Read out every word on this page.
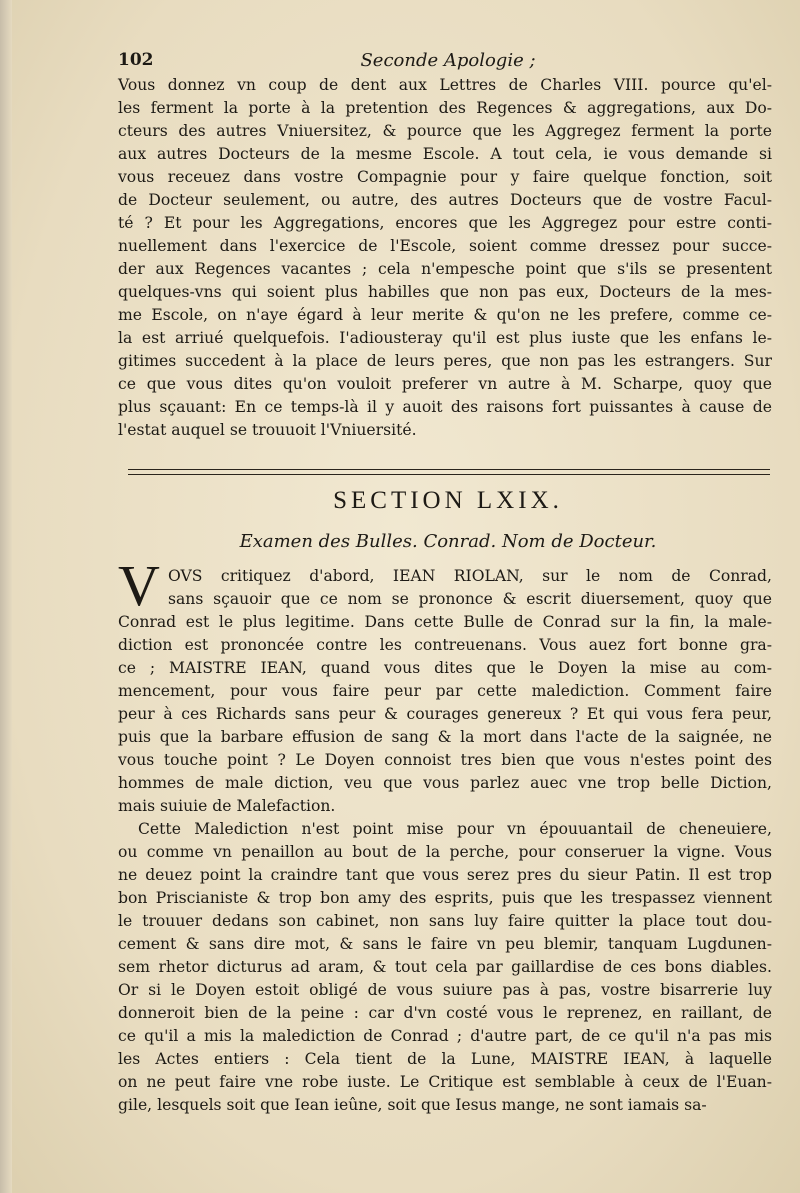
102	Seconde Apologie ;
Vous donnez vn coup de dent aux Lettres de Charles VIII. pource qu'el-
les ferment la porte à la pretention des Regences & aggregations, aux Do-
cteurs des autres Vniuersitez, & pource que les Aggregez ferment la porte
aux autres Docteurs de la mesme Escole. A tout cela, ie vous demande si
vous receuez dans vostre Compagnie pour y faire quelque fonction, soit
de Docteur seulement, ou autre, des autres Docteurs que de vostre Facul-
té ? Et pour les Aggregations, encores que les Aggregez pour estre conti-
nuellement dans l'exercice de l'Escole, soient comme dressez pour succe-
der aux Regences vacantes ; cela n'empesche point que s'ils se presentent
quelques-vns qui soient plus habilles que non pas eux, Docteurs de la mes-
me Escole, on n'aye égard à leur merite & qu'on ne les prefere, comme ce-
la est arriué quelquefois. I'adiousteray qu'il est plus iuste que les enfans le-
gitimes succedent à la place de leurs peres, que non pas les estrangers. Sur
ce que vous dites qu'on vouloit preferer vn autre à M. Scharpe, quoy que
plus sçauant: En ce temps-là il y auoit des raisons fort puissantes à cause de
l'estat auquel se trouuoit l'Vniuersité.
SECTION LXIX.
Examen des Bulles. Conrad. Nom de Docteur.
V OVS critiquez d'abord, IEAN RIOLAN, sur le nom de Conrad,
sans sçauoir que ce nom se prononce & escrit diuersement, quoy que
Conrad est le plus legitime. Dans cette Bulle de Conrad sur la fin, la male-
diction est prononcée contre les contreuenans. Vous auez fort bonne gra-
ce ; MAISTRE IEAN, quand vous dites que le Doyen la mise au com-
mencement, pour vous faire peur par cette malediction. Comment faire
peur à ces Richards sans peur & courages genereux ? Et qui vous fera peur,
puis que la barbare effusion de sang & la mort dans l'acte de la saignée, ne
vous touche point ? Le Doyen connoist tres bien que vous n'estes point des
hommes de male diction, veu que vous parlez auec vne trop belle Diction,
mais suiuie de Malefaction.
Cette Malediction n'est point mise pour vn épouuantail de cheneuiere,
ou comme vn penaillon au bout de la perche, pour conseruer la vigne. Vous
ne deuez point la craindre tant que vous serez pres du sieur Patin. Il est trop
bon Priscianiste & trop bon amy des esprits, puis que les trespassez viennent
le trouuer dedans son cabinet, non sans luy faire quitter la place tout dou-
cement & sans dire mot, & sans le faire vn peu blemir, tanquam Lugdunen-
sem rhetor dicturus ad aram, & tout cela par gaillardise de ces bons diables.
Or si le Doyen estoit obligé de vous suiure pas à pas, vostre bisarrerie luy
donneroit bien de la peine : car d'vn costé vous le reprenez, en raillant, de
ce qu'il a mis la malediction de Conrad ; d'autre part, de ce qu'il n'a pas mis
les Actes entiers : Cela tient de la Lune, MAISTRE IEAN, à laquelle
on ne peut faire vne robe iuste. Le Critique est semblable à ceux de l'Euan-
gile, lesquels soit que Iean ieûne, soit que Iesus mange, ne sont iamais sa-
